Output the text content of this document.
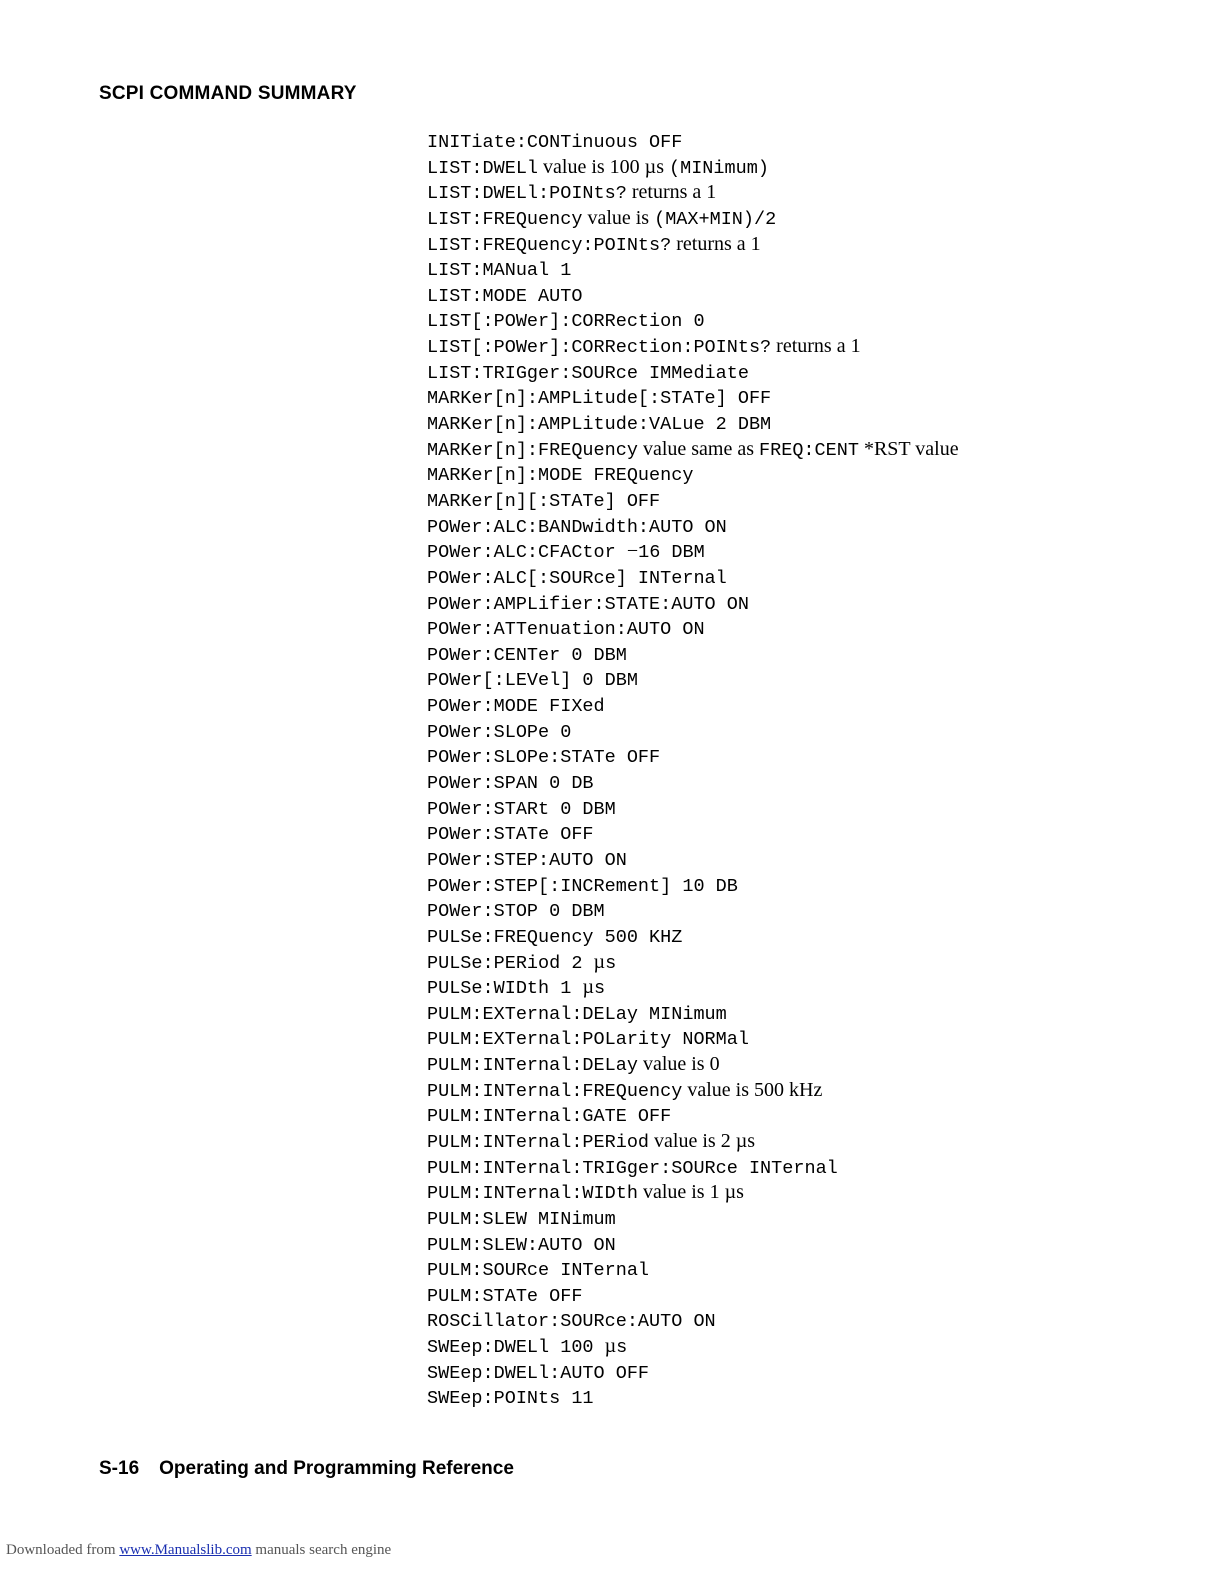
SCPI COMMAND SUMMARY
INITiate:CONTinuous OFF
LIST:DWELl value is 100 µs (MINimum)
LIST:DWELl:POINts? returns a 1
LIST:FREQuency value is (MAX+MIN)/2
LIST:FREQuency:POINts? returns a 1
LIST:MANual 1
LIST:MODE AUTO
LIST[:POWer]:CORRection 0
LIST[:POWer]:CORRection:POINts? returns a 1
LIST:TRIGger:SOURce IMMediate
MARKer[n]:AMPLitude[:STATe] OFF
MARKer[n]:AMPLitude:VALue 2 DBM
MARKer[n]:FREQuency value same as FREQ:CENT *RST value
MARKer[n]:MODE FREQuency
MARKer[n][:STATe] OFF
POWer:ALC:BANDwidth:AUTO ON
POWer:ALC:CFACtor −16 DBM
POWer:ALC[:SOURce] INTernal
POWer:AMPLifier:STATE:AUTO ON
POWer:ATTenuation:AUTO ON
POWer:CENTer 0 DBM
POWer[:LEVel] 0 DBM
POWer:MODE FIXed
POWer:SLOPe 0
POWer:SLOPe:STATe OFF
POWer:SPAN 0 DB
POWer:STARt 0 DBM
POWer:STATe OFF
POWer:STEP:AUTO ON
POWer:STEP[:INCRement] 10 DB
POWer:STOP 0 DBM
PULSe:FREQuency 500 KHZ
PULSe:PERiod 2 µs
PULSe:WIDth 1 µs
PULM:EXTernal:DELay MINimum
PULM:EXTernal:POLarity NORMal
PULM:INTernal:DELay value is 0
PULM:INTernal:FREQuency value is 500 kHz
PULM:INTernal:GATE OFF
PULM:INTernal:PERiod value is 2 µs
PULM:INTernal:TRIGger:SOURce INTernal
PULM:INTernal:WIDth value is 1 µs
PULM:SLEW MINimum
PULM:SLEW:AUTO ON
PULM:SOURce INTernal
PULM:STATe OFF
ROSCillator:SOURce:AUTO ON
SWEep:DWELl 100 µs
SWEep:DWELl:AUTO OFF
SWEep:POINts 11
S-16 Operating and Programming Reference
Downloaded from www.Manualslib.com manuals search engine
